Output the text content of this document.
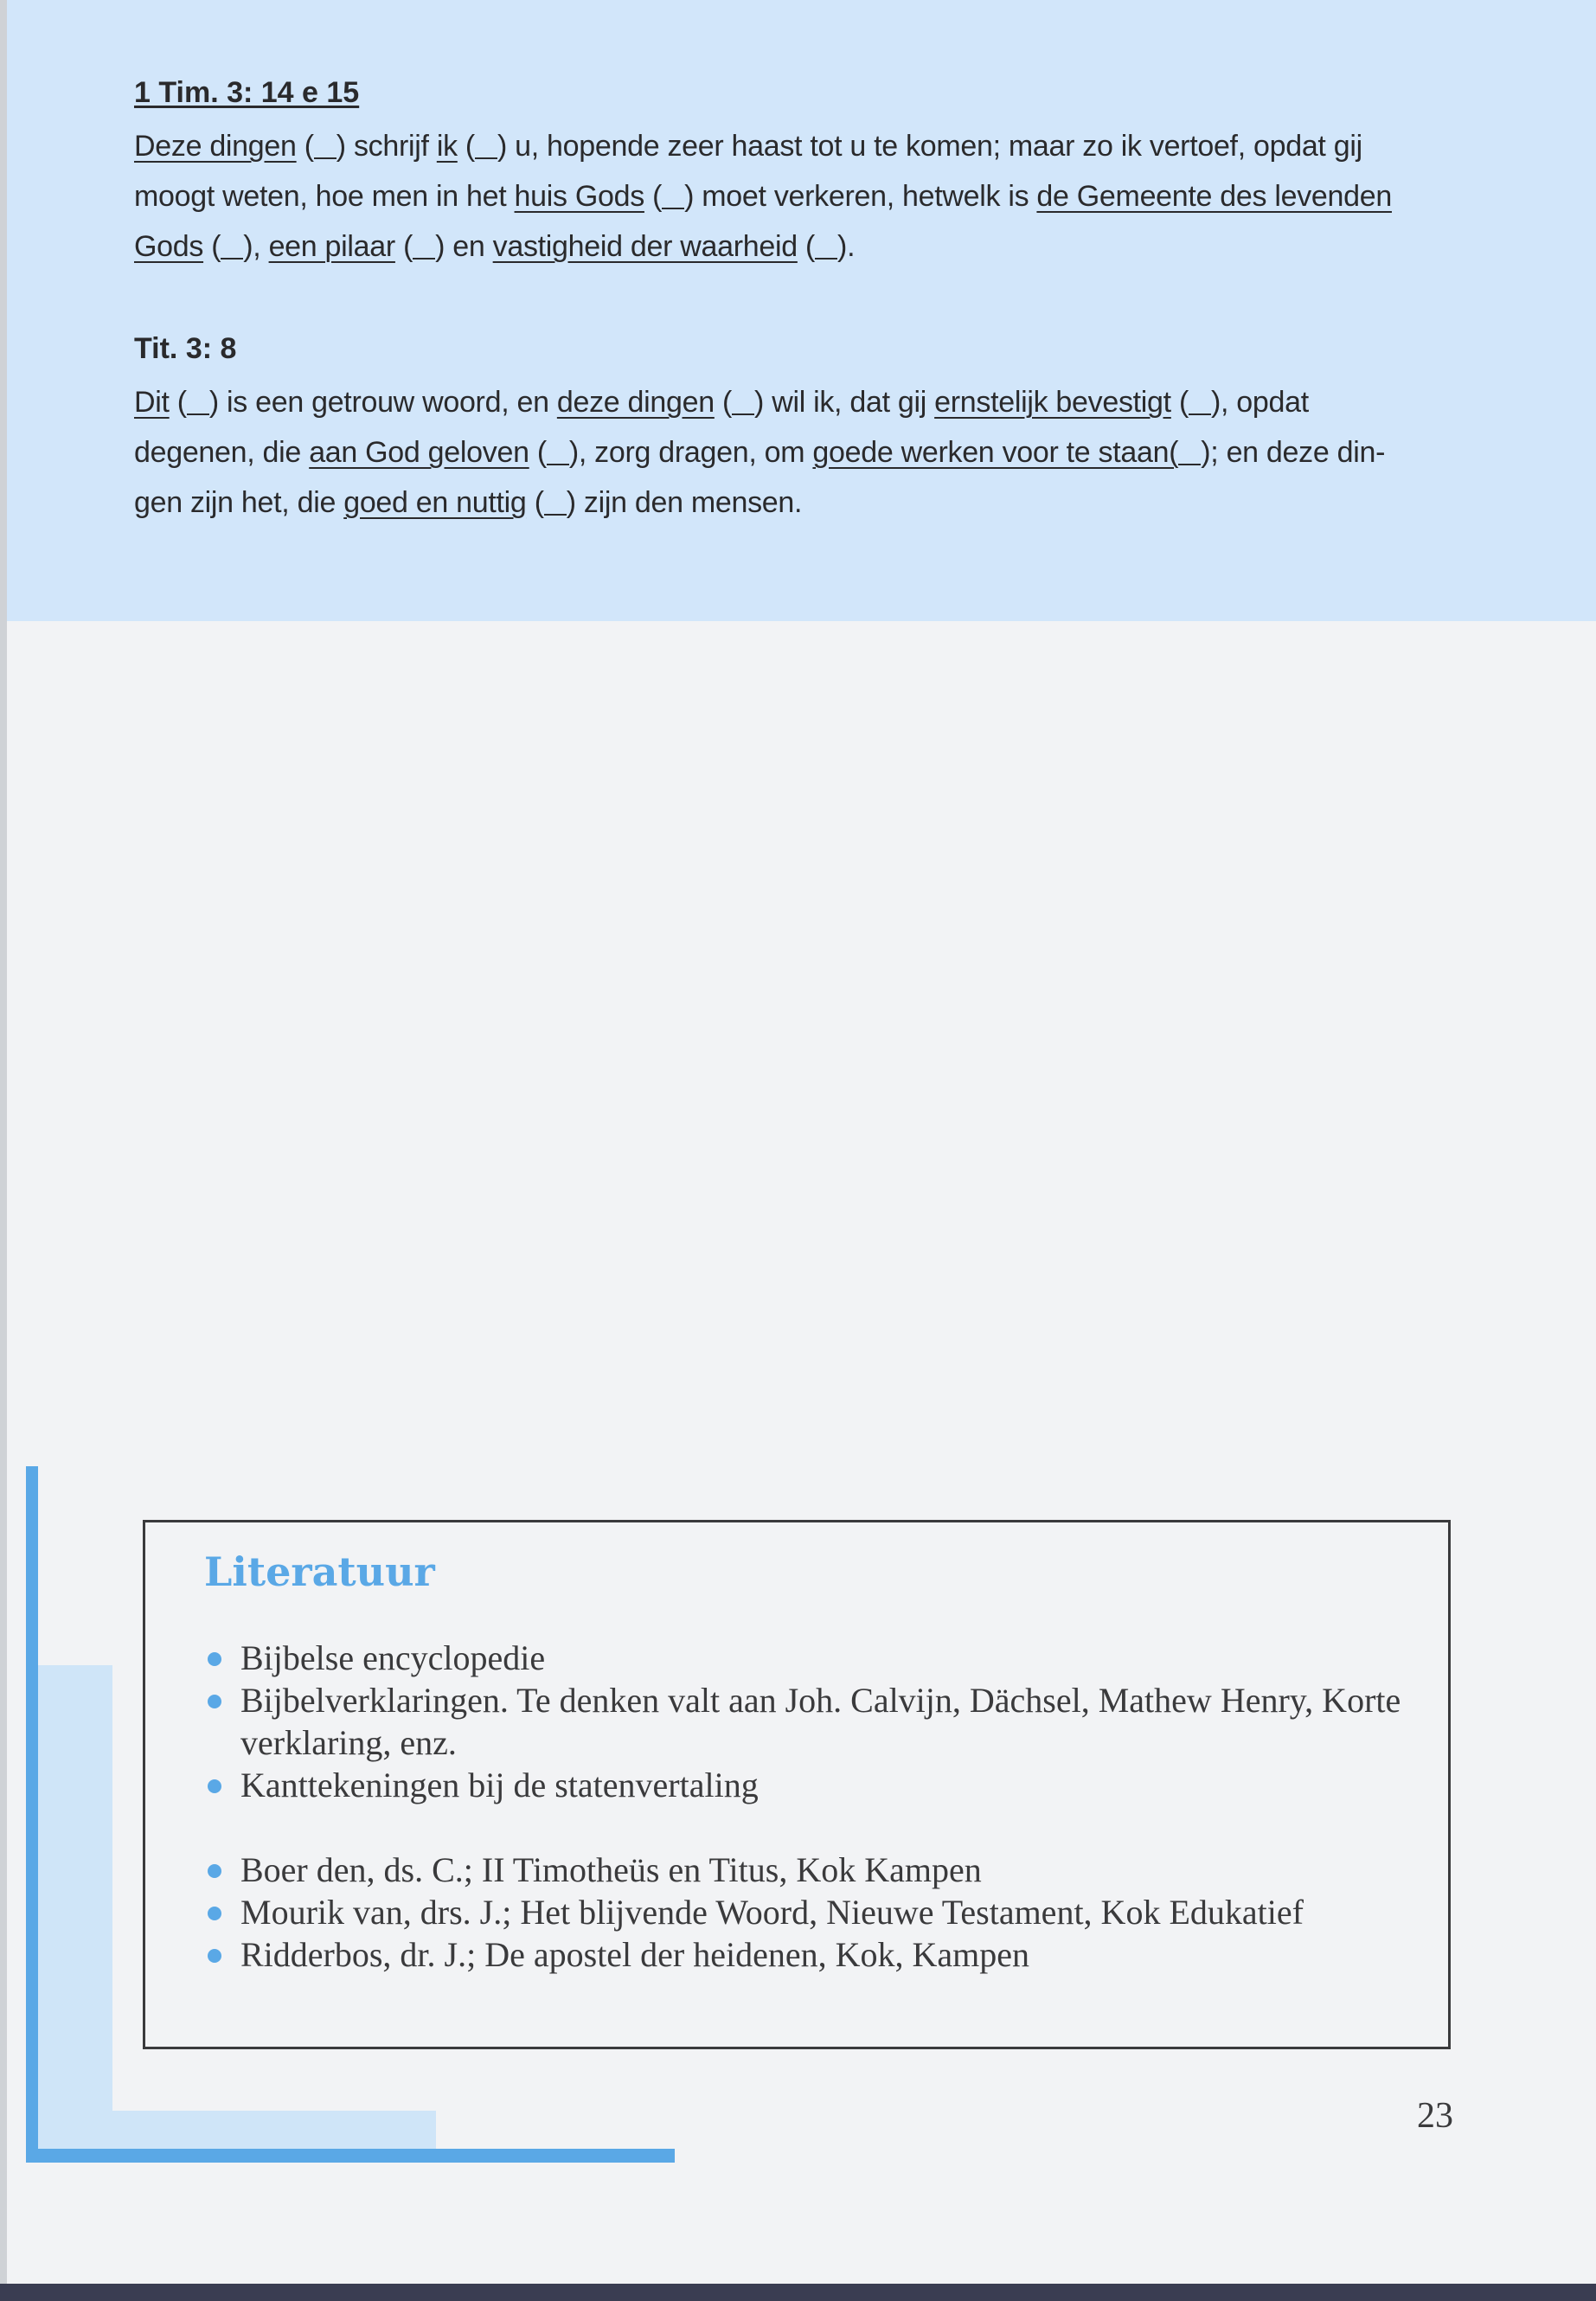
1 Tim. 3: 14 e 15

Deze dingen ( ) schrijf ik ( ) u, hopende zeer haast tot u te komen; maar zo ik vertoef, opdat gij
moogt weten, hoe men in het huis Gods ( ) moet verkeren, hetwelk is de Gemeente des levenden
Gods ( ), een pilaar ( ) en vastigheid der waarheid ( ).

Tit. 3: 8

Dit ( ) is een getrouw woord, en deze dingen ( ) wil ik, dat gij ernstelijk bevestigt ( ), opdat
degenen, die aan God geloven ( ), zorg dragen, om goede werken voor te staan( ); en deze din-
gen zijn het, die goed en nuttig ( ) zijn den mensen.

Literatuur
Bijbelse encyclopedie
Bijbelverklaringen. Te denken valt aan Joh. Calvijn, Dächsel, Mathew Henry, Korte verklaring, enz.
Kanttekeningen bij de statenvertaling
Boer den, ds. C.; II Timotheüs en Titus, Kok Kampen
Mourik van, drs. J.; Het blijvende Woord, Nieuwe Testament, Kok Edukatief
Ridderbos, dr. J.; De apostel der heidenen, Kok, Kampen
23
